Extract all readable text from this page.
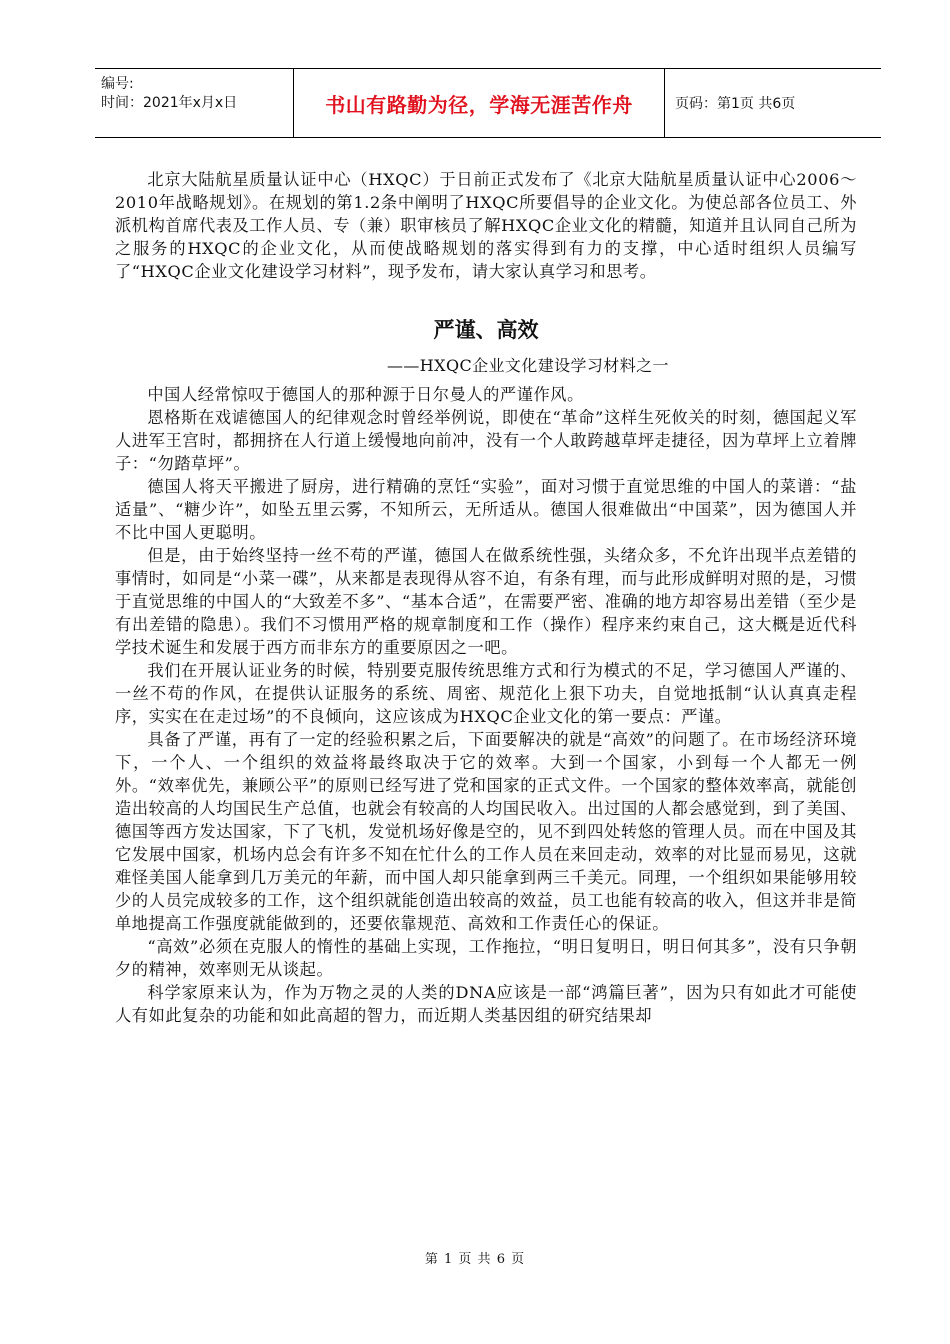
编号:
时间：2021年x月x日	书山有路勤为径，学海无涯苦作舟	页码：第1页 共6页

北京大陆航星质量认证中心（HXQC）于日前正式发布了《北京大陆航星质量认证中心2006～2010年战略规划》。在规划的第1.2条中阐明了HXQC所要倡导的企业文化。为使总部各位员工、外派机构首席代表及工作人员、专（兼）职审核员了解HXQC企业文化的精髓，知道并且认同自己所为之服务的HXQC的企业文化，从而使战略规划的落实得到有力的支撑，中心适时组织人员编写了“HXQC企业文化建设学习材料”，现予发布，请大家认真学习和思考。

严谨、高效
——HXQC企业文化建设学习材料之一

中国人经常惊叹于德国人的那种源于日尔曼人的严谨作风。

恩格斯在戏谑德国人的纪律观念时曾经举例说，即使在“革命”这样生死攸关的时刻，德国起义军人进军王宫时，都拥挤在人行道上缓慢地向前冲，没有一个人敢跨越草坪走捷径，因为草坪上立着牌子：“勿踏草坪”。

德国人将天平搬进了厨房，进行精确的烹饪“实验”，面对习惯于直觉思维的中国人的菜谱：“盐适量”、“糖少许”，如坠五里云雾，不知所云，无所适从。德国人很难做出“中国菜”，因为德国人并不比中国人更聪明。

但是，由于始终坚持一丝不苟的严谨，德国人在做系统性强，头绪众多，不允许出现半点差错的事情时，如同是“小菜一碟”，从来都是表现得从容不迫，有条有理，而与此形成鲜明对照的是，习惯于直觉思维的中国人的“大致差不多”、“基本合适”，在需要严密、准确的地方却容易出差错（至少是有出差错的隐患）。我们不习惯用严格的规章制度和工作（操作）程序来约束自己，这大概是近代科学技术诞生和发展于西方而非东方的重要原因之一吧。

我们在开展认证业务的时候，特别要克服传统思维方式和行为模式的不足，学习德国人严谨的、一丝不苟的作风，在提供认证服务的系统、周密、规范化上狠下功夫，自觉地抵制“认认真真走程序，实实在在走过场”的不良倾向，这应该成为HXQC企业文化的第一要点：严谨。

具备了严谨，再有了一定的经验积累之后，下面要解决的就是“高效”的问题了。在市场经济环境下，一个人、一个组织的效益将最终取决于它的效率。大到一个国家，小到每一个人都无一例外。“效率优先，兼顾公平”的原则已经写进了党和国家的正式文件。一个国家的整体效率高，就能创造出较高的人均国民生产总值，也就会有较高的人均国民收入。出过国的人都会感觉到，到了美国、德国等西方发达国家，下了飞机，发觉机场好像是空的，见不到四处转悠的管理人员。而在中国及其它发展中国家，机场内总会有许多不知在忙什么的工作人员在来回走动，效率的对比显而易见，这就难怪美国人能拿到几万美元的年薪，而中国人却只能拿到两三千美元。同理，一个组织如果能够用较少的人员完成较多的工作，这个组织就能创造出较高的效益，员工也能有较高的收入，但这并非是简单地提高工作强度就能做到的，还要依靠规范、高效和工作责任心的保证。

“高效”必须在克服人的惰性的基础上实现，工作拖拉，“明日复明日，明日何其多”，没有只争朝夕的精神，效率则无从谈起。

科学家原来认为，作为万物之灵的人类的DNA应该是一部“鸿篇巨著”，因为只有如此才可能使人有如此复杂的功能和如此高超的智力，而近期人类基因组的研究结果却

第 1 页 共 6 页
